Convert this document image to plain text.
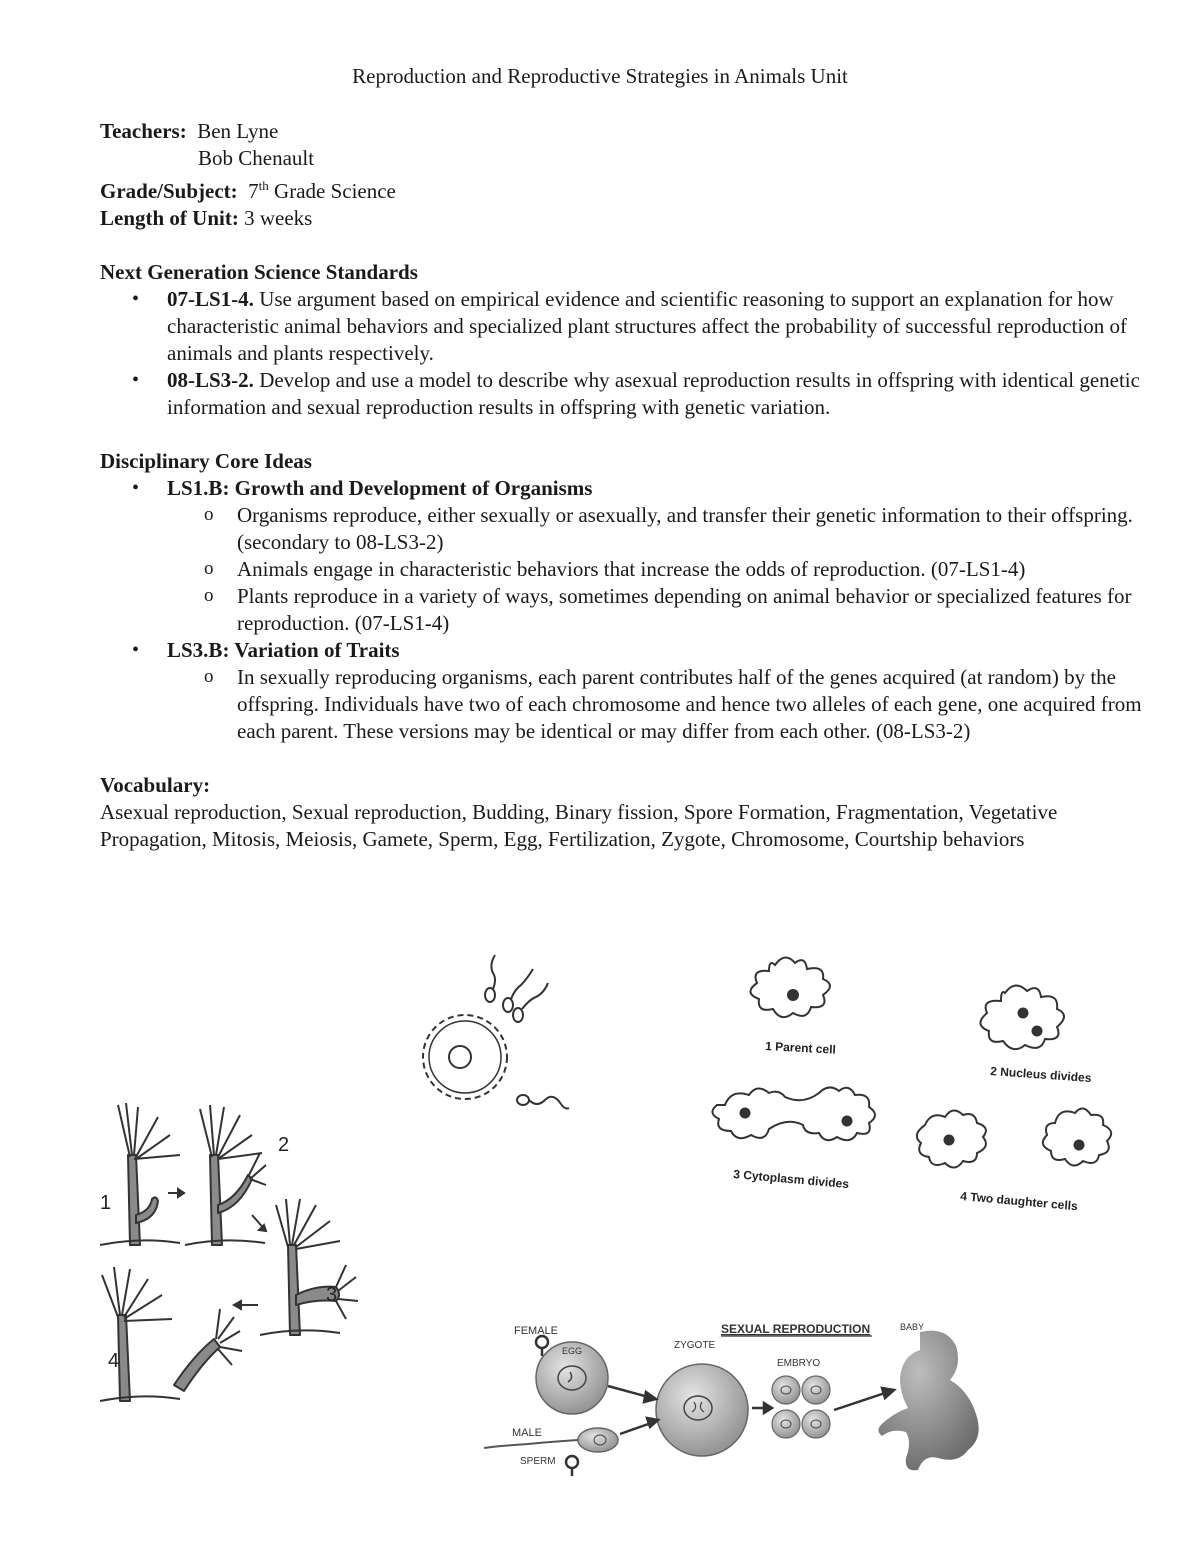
Reproduction and Reproductive Strategies in Animals Unit
Teachers: Ben Lyne
Bob Chenault
Grade/Subject: 7th Grade Science
Length of Unit: 3 weeks
Next Generation Science Standards
• 07-LS1-4. Use argument based on empirical evidence and scientific reasoning to support an explanation for how characteristic animal behaviors and specialized plant structures affect the probability of successful reproduction of animals and plants respectively.
• 08-LS3-2. Develop and use a model to describe why asexual reproduction results in offspring with identical genetic information and sexual reproduction results in offspring with genetic variation.
Disciplinary Core Ideas
• LS1.B: Growth and Development of Organisms
o Organisms reproduce, either sexually or asexually, and transfer their genetic information to their offspring. (secondary to 08-LS3-2)
o Animals engage in characteristic behaviors that increase the odds of reproduction. (07-LS1-4)
o Plants reproduce in a variety of ways, sometimes depending on animal behavior or specialized features for reproduction. (07-LS1-4)
• LS3.B: Variation of Traits
o In sexually reproducing organisms, each parent contributes half of the genes acquired (at random) by the offspring. Individuals have two of each chromosome and hence two alleles of each gene, one acquired from each parent. These versions may be identical or may differ from each other. (08-LS3-2)
Vocabulary:
Asexual reproduction, Sexual reproduction, Budding, Binary fission, Spore Formation, Fragmentation, Vegetative Propagation, Mitosis, Meiosis, Gamete, Sperm, Egg, Fertilization, Zygote, Chromosome, Courtship behaviors
1
2
3
4
1 Parent cell
2 Nucleus divides
3 Cytoplasm divides
4 Two daughter cells
FEMALE
EGG	ZYGOTE
SEXUAL REPRODUCTION
EMBRYO
BABY
MALE
SPERM
